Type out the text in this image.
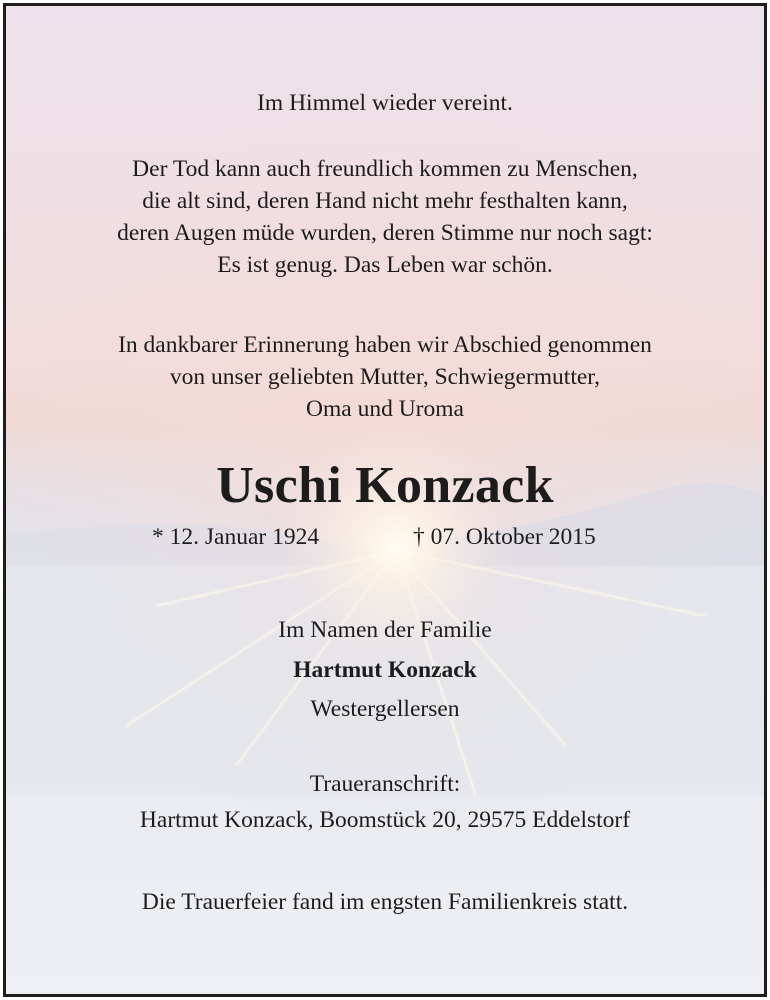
Im Himmel wieder vereint.
Der Tod kann auch freundlich kommen zu Menschen,
die alt sind, deren Hand nicht mehr festhalten kann,
deren Augen müde wurden, deren Stimme nur noch sagt:
Es ist genug. Das Leben war schön.
In dankbarer Erinnerung haben wir Abschied genommen
von unser geliebten Mutter, Schwiegermutter,
Oma und Uroma
Uschi Konzack
* 12. Januar 1924	† 07. Oktober 2015
Im Namen der Familie
Hartmut Konzack
Westergellersen
Traueranschrift:
Hartmut Konzack, Boomstück 20, 29575 Eddelstorf
Die Trauerfeier fand im engsten Familienkreis statt.
